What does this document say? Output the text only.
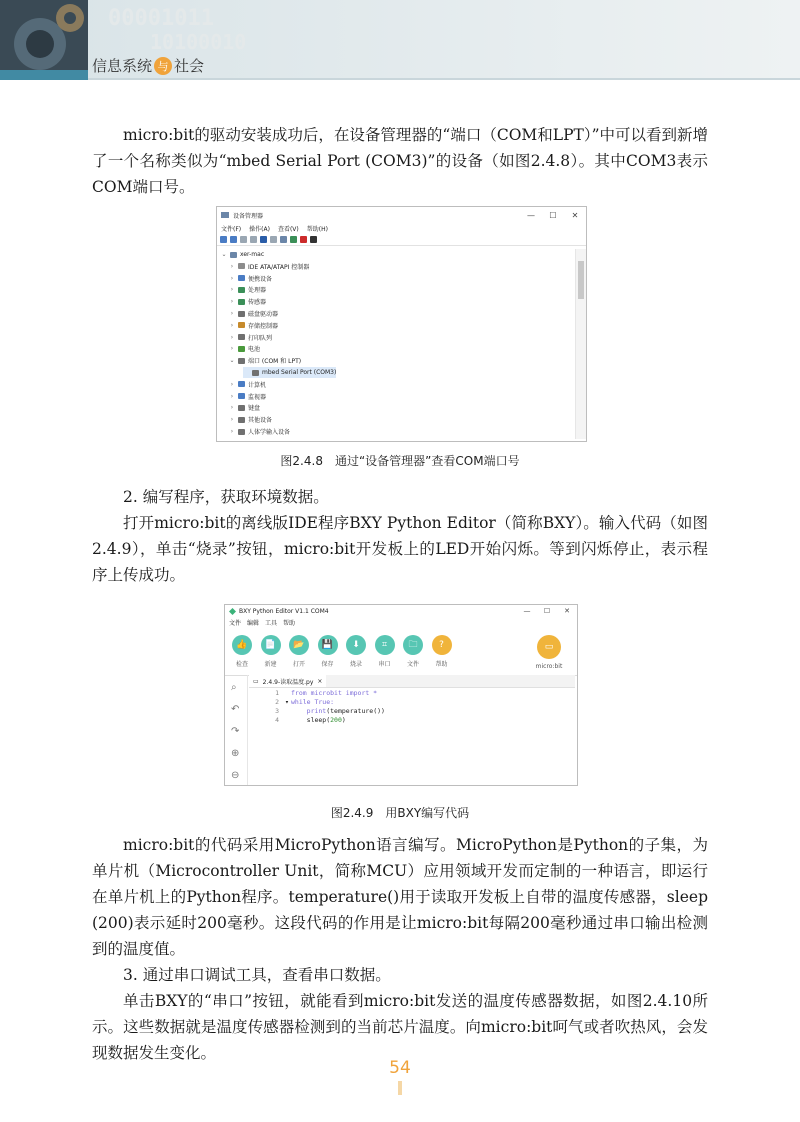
00001011
10100010
信息系统 与 社会

micro:bit的驱动安装成功后，在设备管理器的“端口（COM和LPT）”中可以看到新增了一个名称类似为“mbed Serial Port (COM3)”的设备（如图2.4.8）。其中COM3表示COM端口号。

设备管理器	—	☐	✕
文件(F) 操作(A) 查看(V) 帮助(H)
⌄ xer-mac
› IDE ATA/ATAPI 控制器
› 便携设备
› 处理器
› 传感器
› 磁盘驱动器
› 存储控制器
› 打印队列
› 电池
⌄ 端口 (COM 和 LPT)
mbed Serial Port (COM3)
› 计算机
› 监视器
› 键盘
› 其他设备
› 人体学输入设备
图2.4.8　通过“设备管理器”查看COM端口号

2. 编写程序，获取环境数据。

打开micro:bit的离线版IDE程序BXY Python Editor（简称BXY）。输入代码（如图2.4.9），单击“烧录”按钮，micro:bit开发板上的LED开始闪烁。等到闪烁停止，表示程序上传成功。

BXY Python Editor V1.1 COM4	—	☐	✕
文件 编辑 工具 帮助
▭
micro:bit
👍
检查
📄
新建
📂
打开
💾
保存
⬇
烧录
⌗
串口
🗀
文件
?
帮助
⌕
↶
↷
⊕
⊖
▭ 2.4.9-读取温度.py ×
1	from microbit import *
2 ▾ while True:
3	print (temperature())
4	sleep( 200 )
图2.4.9　用BXY编写代码

micro:bit的代码采用MicroPython语言编写。MicroPython是Python的子集，为单片机（Microcontroller Unit，简称MCU）应用领域开发而定制的一种语言，即运行在单片机上的Python程序。temperature()用于读取开发板上自带的温度传感器，sleep (200)表示延时200毫秒。这段代码的作用是让micro:bit每隔200毫秒通过串口输出检测到的温度值。

3. 通过串口调试工具，查看串口数据。

单击BXY的“串口”按钮，就能看到micro:bit发送的温度传感器数据，如图2.4.10所示。这些数据就是温度传感器检测到的当前芯片温度。向micro:bit呵气或者吹热风，会发现数据发生变化。

54
